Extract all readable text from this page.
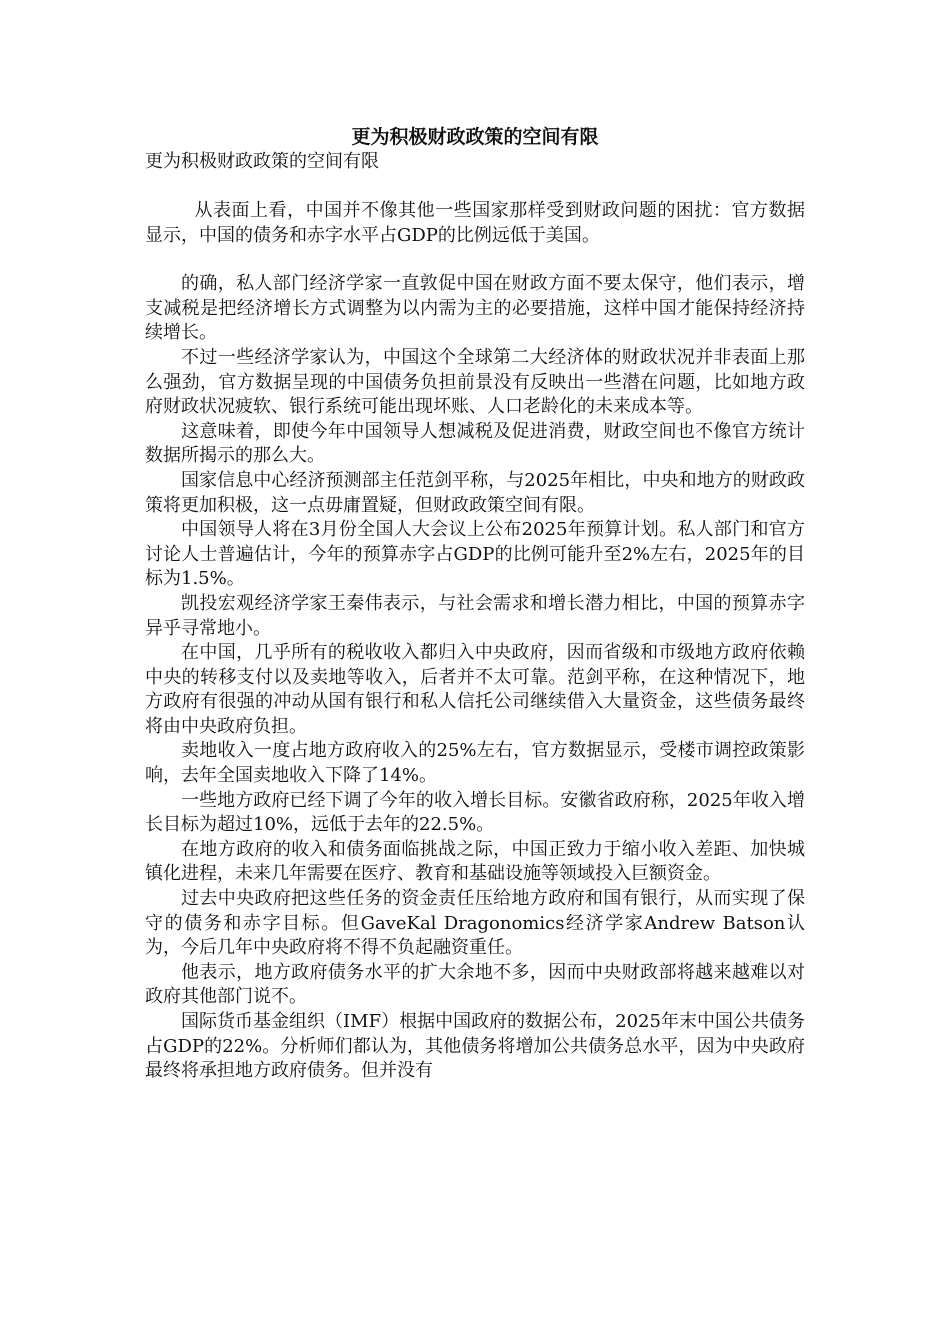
更为积极财政政策的空间有限
更为积极财政政策的空间有限

从表面上看，中国并不像其他一些国家那样受到财政问题的困扰：官方数据显示，中国的债务和赤字水平占GDP的比例远低于美国。

的确，私人部门经济学家一直敦促中国在财政方面不要太保守，他们表示，增支减税是把经济增长方式调整为以内需为主的必要措施，这样中国才能保持经济持续增长。

不过一些经济学家认为，中国这个全球第二大经济体的财政状况并非表面上那么强劲，官方数据呈现的中国债务负担前景没有反映出一些潜在问题，比如地方政府财政状况疲软、银行系统可能出现坏账、人口老龄化的未来成本等。

这意味着，即使今年中国领导人想减税及促进消费，财政空间也不像官方统计数据所揭示的那么大。

国家信息中心经济预测部主任范剑平称，与2025年相比，中央和地方的财政政策将更加积极，这一点毋庸置疑，但财政政策空间有限。

中国领导人将在3月份全国人大会议上公布2025年预算计划。私人部门和官方讨论人士普遍估计，今年的预算赤字占GDP的比例可能升至2%左右，2025年的目标为1.5%。

凯投宏观经济学家王秦伟表示，与社会需求和增长潜力相比，中国的预算赤字异乎寻常地小。

在中国，几乎所有的税收收入都归入中央政府，因而省级和市级地方政府依赖中央的转移支付以及卖地等收入，后者并不太可靠。范剑平称，在这种情况下，地方政府有很强的冲动从国有银行和私人信托公司继续借入大量资金，这些债务最终将由中央政府负担。

卖地收入一度占地方政府收入的25%左右，官方数据显示，受楼市调控政策影响，去年全国卖地收入下降了14%。

一些地方政府已经下调了今年的收入增长目标。安徽省政府称，2025年收入增长目标为超过10%，远低于去年的22.5%。

在地方政府的收入和债务面临挑战之际，中国正致力于缩小收入差距、加快城镇化进程，未来几年需要在医疗、教育和基础设施等领域投入巨额资金。

过去中央政府把这些任务的资金责任压给地方政府和国有银行，从而实现了保守的债务和赤字目标。但GaveKal Dragonomics经济学家Andrew Batson认为，今后几年中央政府将不得不负起融资重任。

他表示，地方政府债务水平的扩大余地不多，因而中央财政部将越来越难以对政府其他部门说不。

国际货币基金组织（IMF）根据中国政府的数据公布，2025年末中国公共债务占GDP的22%。分析师们都认为，其他债务将增加公共债务总水平，因为中央政府最终将承担地方政府债务。但并没有
